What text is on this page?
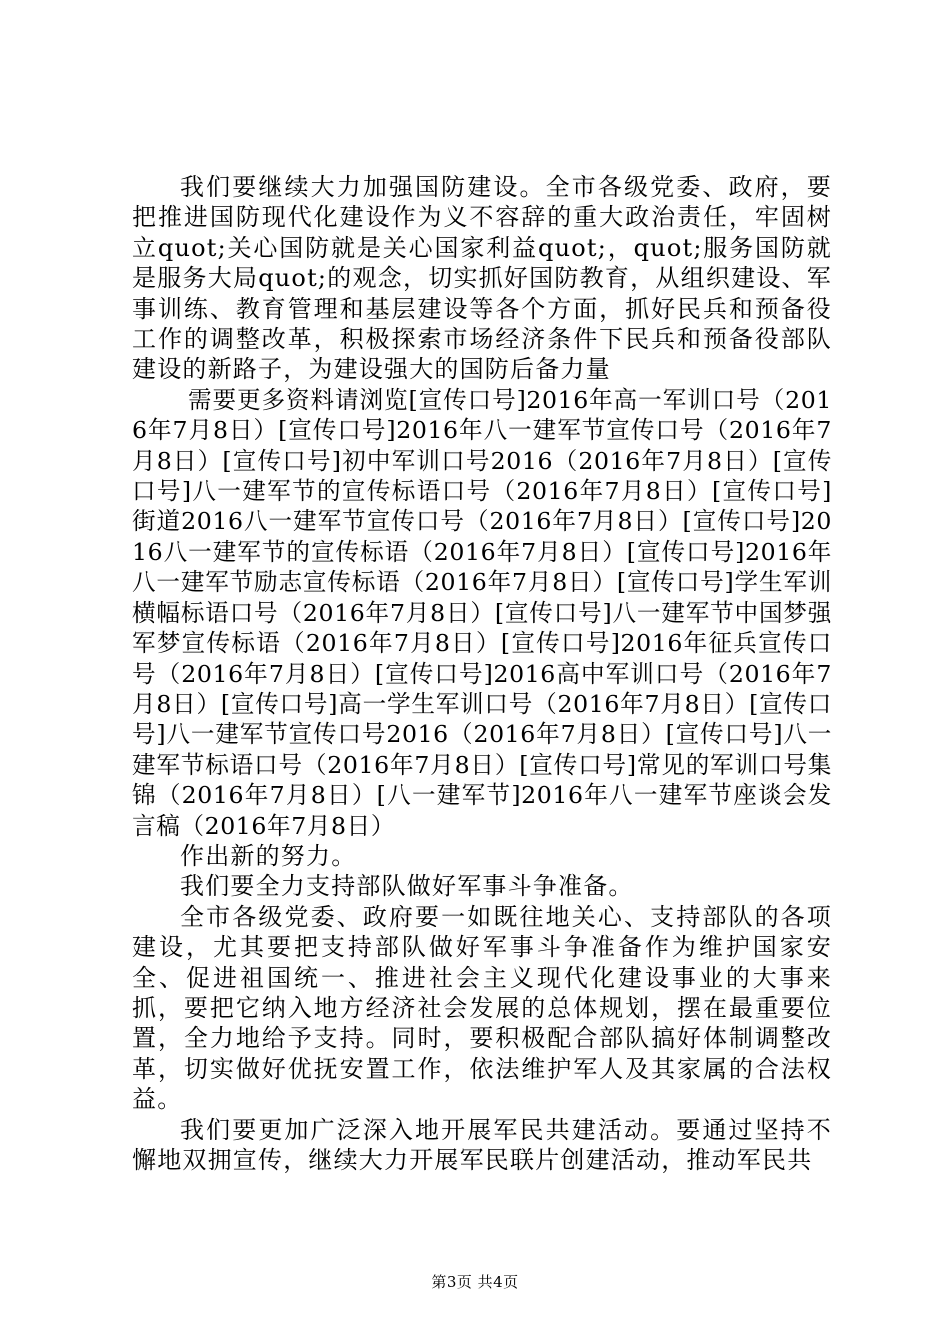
我们要继续大力加强国防建设。全市各级党委、政府，要把推进国防现代化建设作为义不容辞的重大政治责任，牢固树立quot;关心国防就是关心国家利益quot;，quot;服务国防就是服务大局quot;的观念，切实抓好国防教育，从组织建设、军事训练、教育管理和基层建设等各个方面，抓好民兵和预备役工作的调整改革，积极探索市场经济条件下民兵和预备役部队建设的新路子，为建设强大的国防后备力量

需要更多资料请浏览[宣传口号]2016年高一军训口号（2016年7月8日）[宣传口号]2016年八一建军节宣传口号（2016年7月8日）[宣传口号]初中军训口号2016（2016年7月8日）[宣传口号]八一建军节的宣传标语口号（2016年7月8日）[宣传口号]街道2016八一建军节宣传口号（2016年7月8日）[宣传口号]2016八一建军节的宣传标语（2016年7月8日）[宣传口号]2016年八一建军节励志宣传标语（2016年7月8日）[宣传口号]学生军训横幅标语口号（2016年7月8日）[宣传口号]八一建军节中国梦强军梦宣传标语（2016年7月8日）[宣传口号]2016年征兵宣传口号（2016年7月8日）[宣传口号]2016高中军训口号（2016年7月8日）[宣传口号]高一学生军训口号（2016年7月8日）[宣传口号]八一建军节宣传口号2016（2016年7月8日）[宣传口号]八一建军节标语口号（2016年7月8日）[宣传口号]常见的军训口号集锦（2016年7月8日）[八一建军节]2016年八一建军节座谈会发言稿（2016年7月8日）

作出新的努力。

我们要全力支持部队做好军事斗争准备。

全市各级党委、政府要一如既往地关心、支持部队的各项建设，尤其要把支持部队做好军事斗争准备作为维护国家安全、促进祖国统一、推进社会主义现代化建设事业的大事来抓，要把它纳入地方经济社会发展的总体规划，摆在最重要位置，全力地给予支持。同时，要积极配合部队搞好体制调整改革，切实做好优抚安置工作，依法维护军人及其家属的合法权益。

我们要更加广泛深入地开展军民共建活动。要通过坚持不懈地双拥宣传，继续大力开展军民联片创建活动，推动军民共

第3页 共4页
